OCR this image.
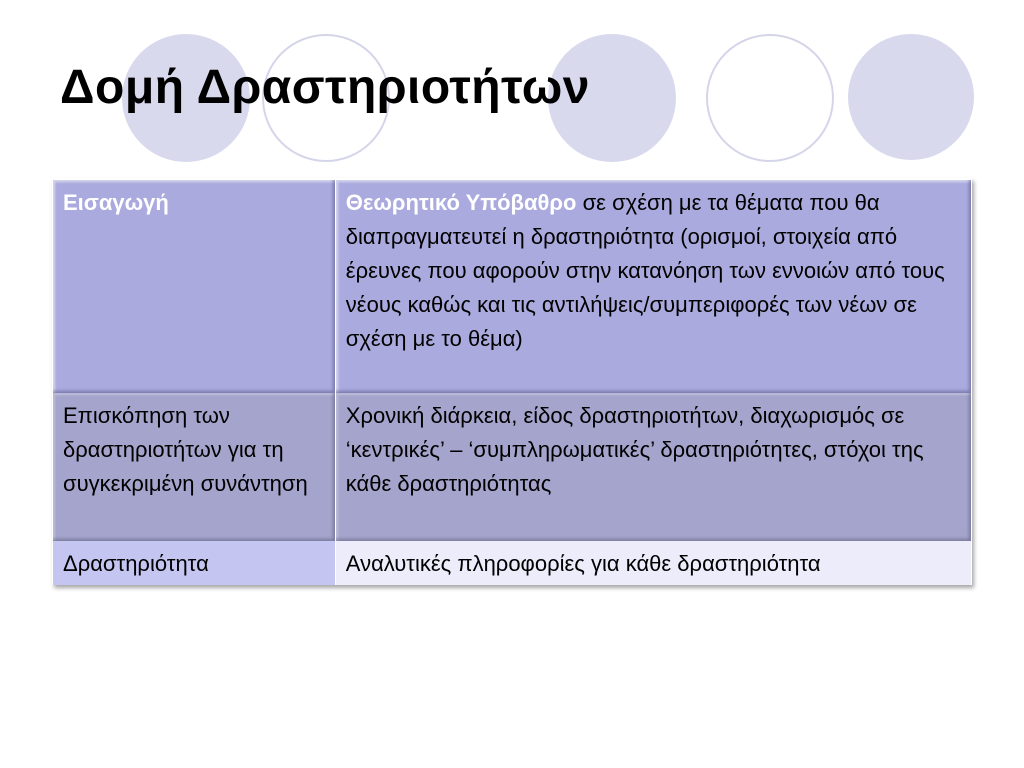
Δομή Δραστηριοτήτων
Εισαγωγή	Θεωρητικό Υπόβαθρο σε σχέση με τα θέματα που θα διαπραγματευτεί η δραστηριότητα (ορισμοί, στοιχεία από έρευνες που αφορούν στην κατανόηση των εννοιών από τους νέους καθώς και τις αντιλήψεις/συμπεριφορές των νέων σε σχέση με το θέμα)
Επισκόπηση των δραστηριοτήτων για τη συγκεκριμένη συνάντηση	Χρονική διάρκεια, είδος δραστηριοτήτων, διαχωρισμός σε ‘κεντρικές’ – ‘συμπληρωματικές’ δραστηριότητες, στόχοι της κάθε δραστηριότητας
Δραστηριότητα	Αναλυτικές πληροφορίες για κάθε δραστηριότητα
